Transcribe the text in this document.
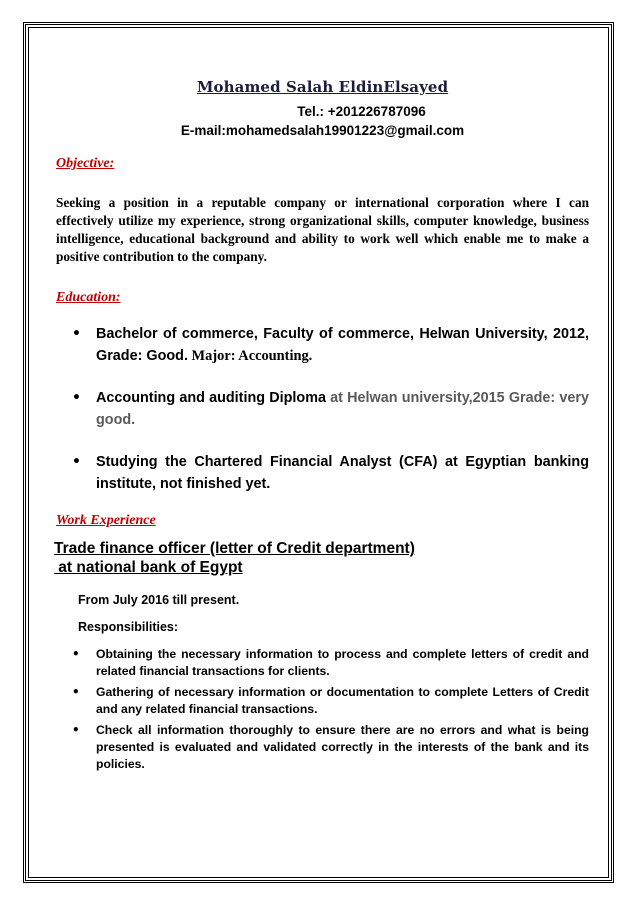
Mohamed Salah EldinElsayed
Tel.: +201226787096
E-mail:mohamedsalah19901223@gmail.com
Objective:

Seeking a position in a reputable company or international corporation where I can effectively utilize my experience, strong organizational skills, computer knowledge, business intelligence, educational background and ability to work well which enable me to make a positive contribution to the company.

Education:
• Bachelor of commerce, Faculty of commerce, Helwan University, 2012, Grade: Good. Major: Accounting.
• Accounting and auditing Diploma at Helwan university,2015 Grade: very good.
• Studying the Chartered Financial Analyst (CFA) at Egyptian banking institute, not finished yet.
Work Experience
Trade finance officer (letter of Credit department)
at national bank of Egypt

From July 2016 till present.

Responsibilities:

• Obtaining the necessary information to process and complete letters of credit and related financial transactions for clients.
• Gathering of necessary information or documentation to complete Letters of Credit and any related financial transactions.
• Check all information thoroughly to ensure there are no errors and what is being presented is evaluated and validated correctly in the interests of the bank and its policies.
